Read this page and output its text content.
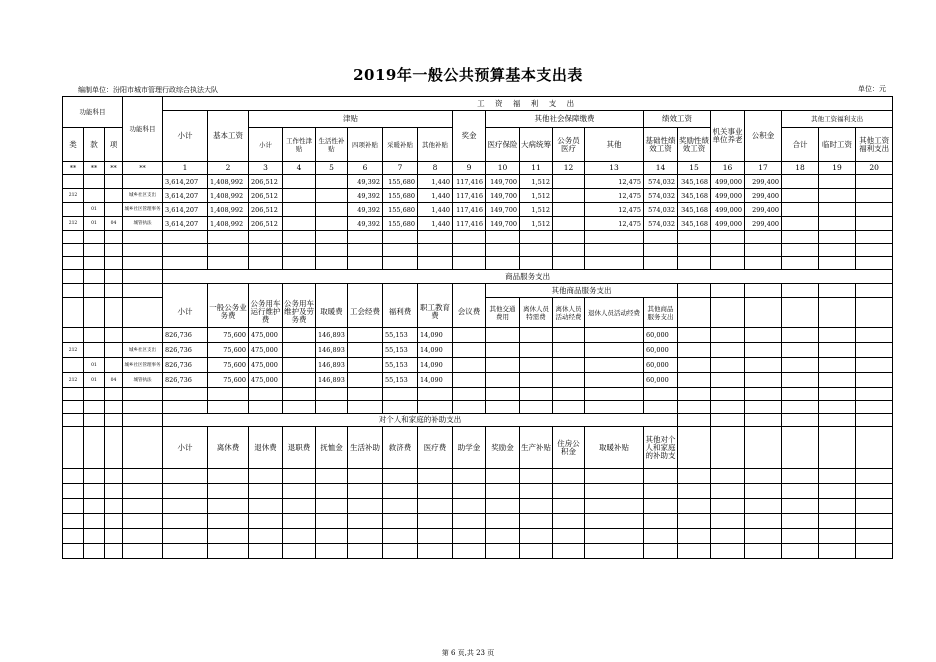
2019年一般公共预算基本支出表
编制单位：汾阳市城市管理行政综合执法大队	单位：元
功能科目			功能科目	工 资 福 利 支 出																			
				小计	基本工资	津贴						奖金	其他社会保障缴费				绩效工资		机关事业单位养老	公积金	其他工资福利支出		
类	款	项				小计	工作性津贴	生活性补贴	四项补贴	采暖补贴	其他补贴		医疗保险	大病统筹	公务员医疗	其他	基础性绩效工资	奖励性绩效工资			合计	临时工资	其他工资福利支出
**	**	**	**	1	2	3	4	5	6	7	8	9	10	11	12	13	14	15	16	17	18	19	20
				3,614,207	1,408,992	206,512			49,392	155,680	1,440	117,416	149,700	1,512		12,475	574,032	345,168	499,000	299,400			
212			城乡社区支出	3,614,207	1,408,992	206,512			49,392	155,680	1,440	117,416	149,700	1,512		12,475	574,032	345,168	499,000	299,400			
	01		城乡社区管理事务	3,614,207	1,408,992	206,512			49,392	155,680	1,440	117,416	149,700	1,512		12,475	574,032	345,168	499,000	299,400			
212	01	04	城管执法	3,614,207	1,408,992	206,512			49,392	155,680	1,440	117,416	149,700	1,512		12,475	574,032	345,168	499,000	299,400			

				商品服务支出																			
													其他商品服务支出										
				小计	一般公务业务费	公务用车运行维护费	公务用车维护及劳务费	取暖费	工会经费	福利费	职工教育费	会议费	其他交通费用	离休人员特需费	离休人员活动经费	退休人员活动经费	其他商品服务支出						
				826,736	75,600	475,000		146,893		55,153	14,090						60,000						
212			城乡社区支出	826,736	75,600	475,000		146,893		55,153	14,090						60,000						
	01		城乡社区管理事务	826,736	75,600	475,000		146,893		55,153	14,090						60,000						
212	01	04	城管执法	826,736	75,600	475,000		146,893		55,153	14,090						60,000						

				对个人和家庭的补助支出																			
				小计	离休费	退休费	退职费	抚恤金	生活补助	救济费	医疗费	助学金	奖励金	生产补贴	住房公积金	取暖补贴	其他对个人和家庭的补助支						

第 6 页,共 23 页
